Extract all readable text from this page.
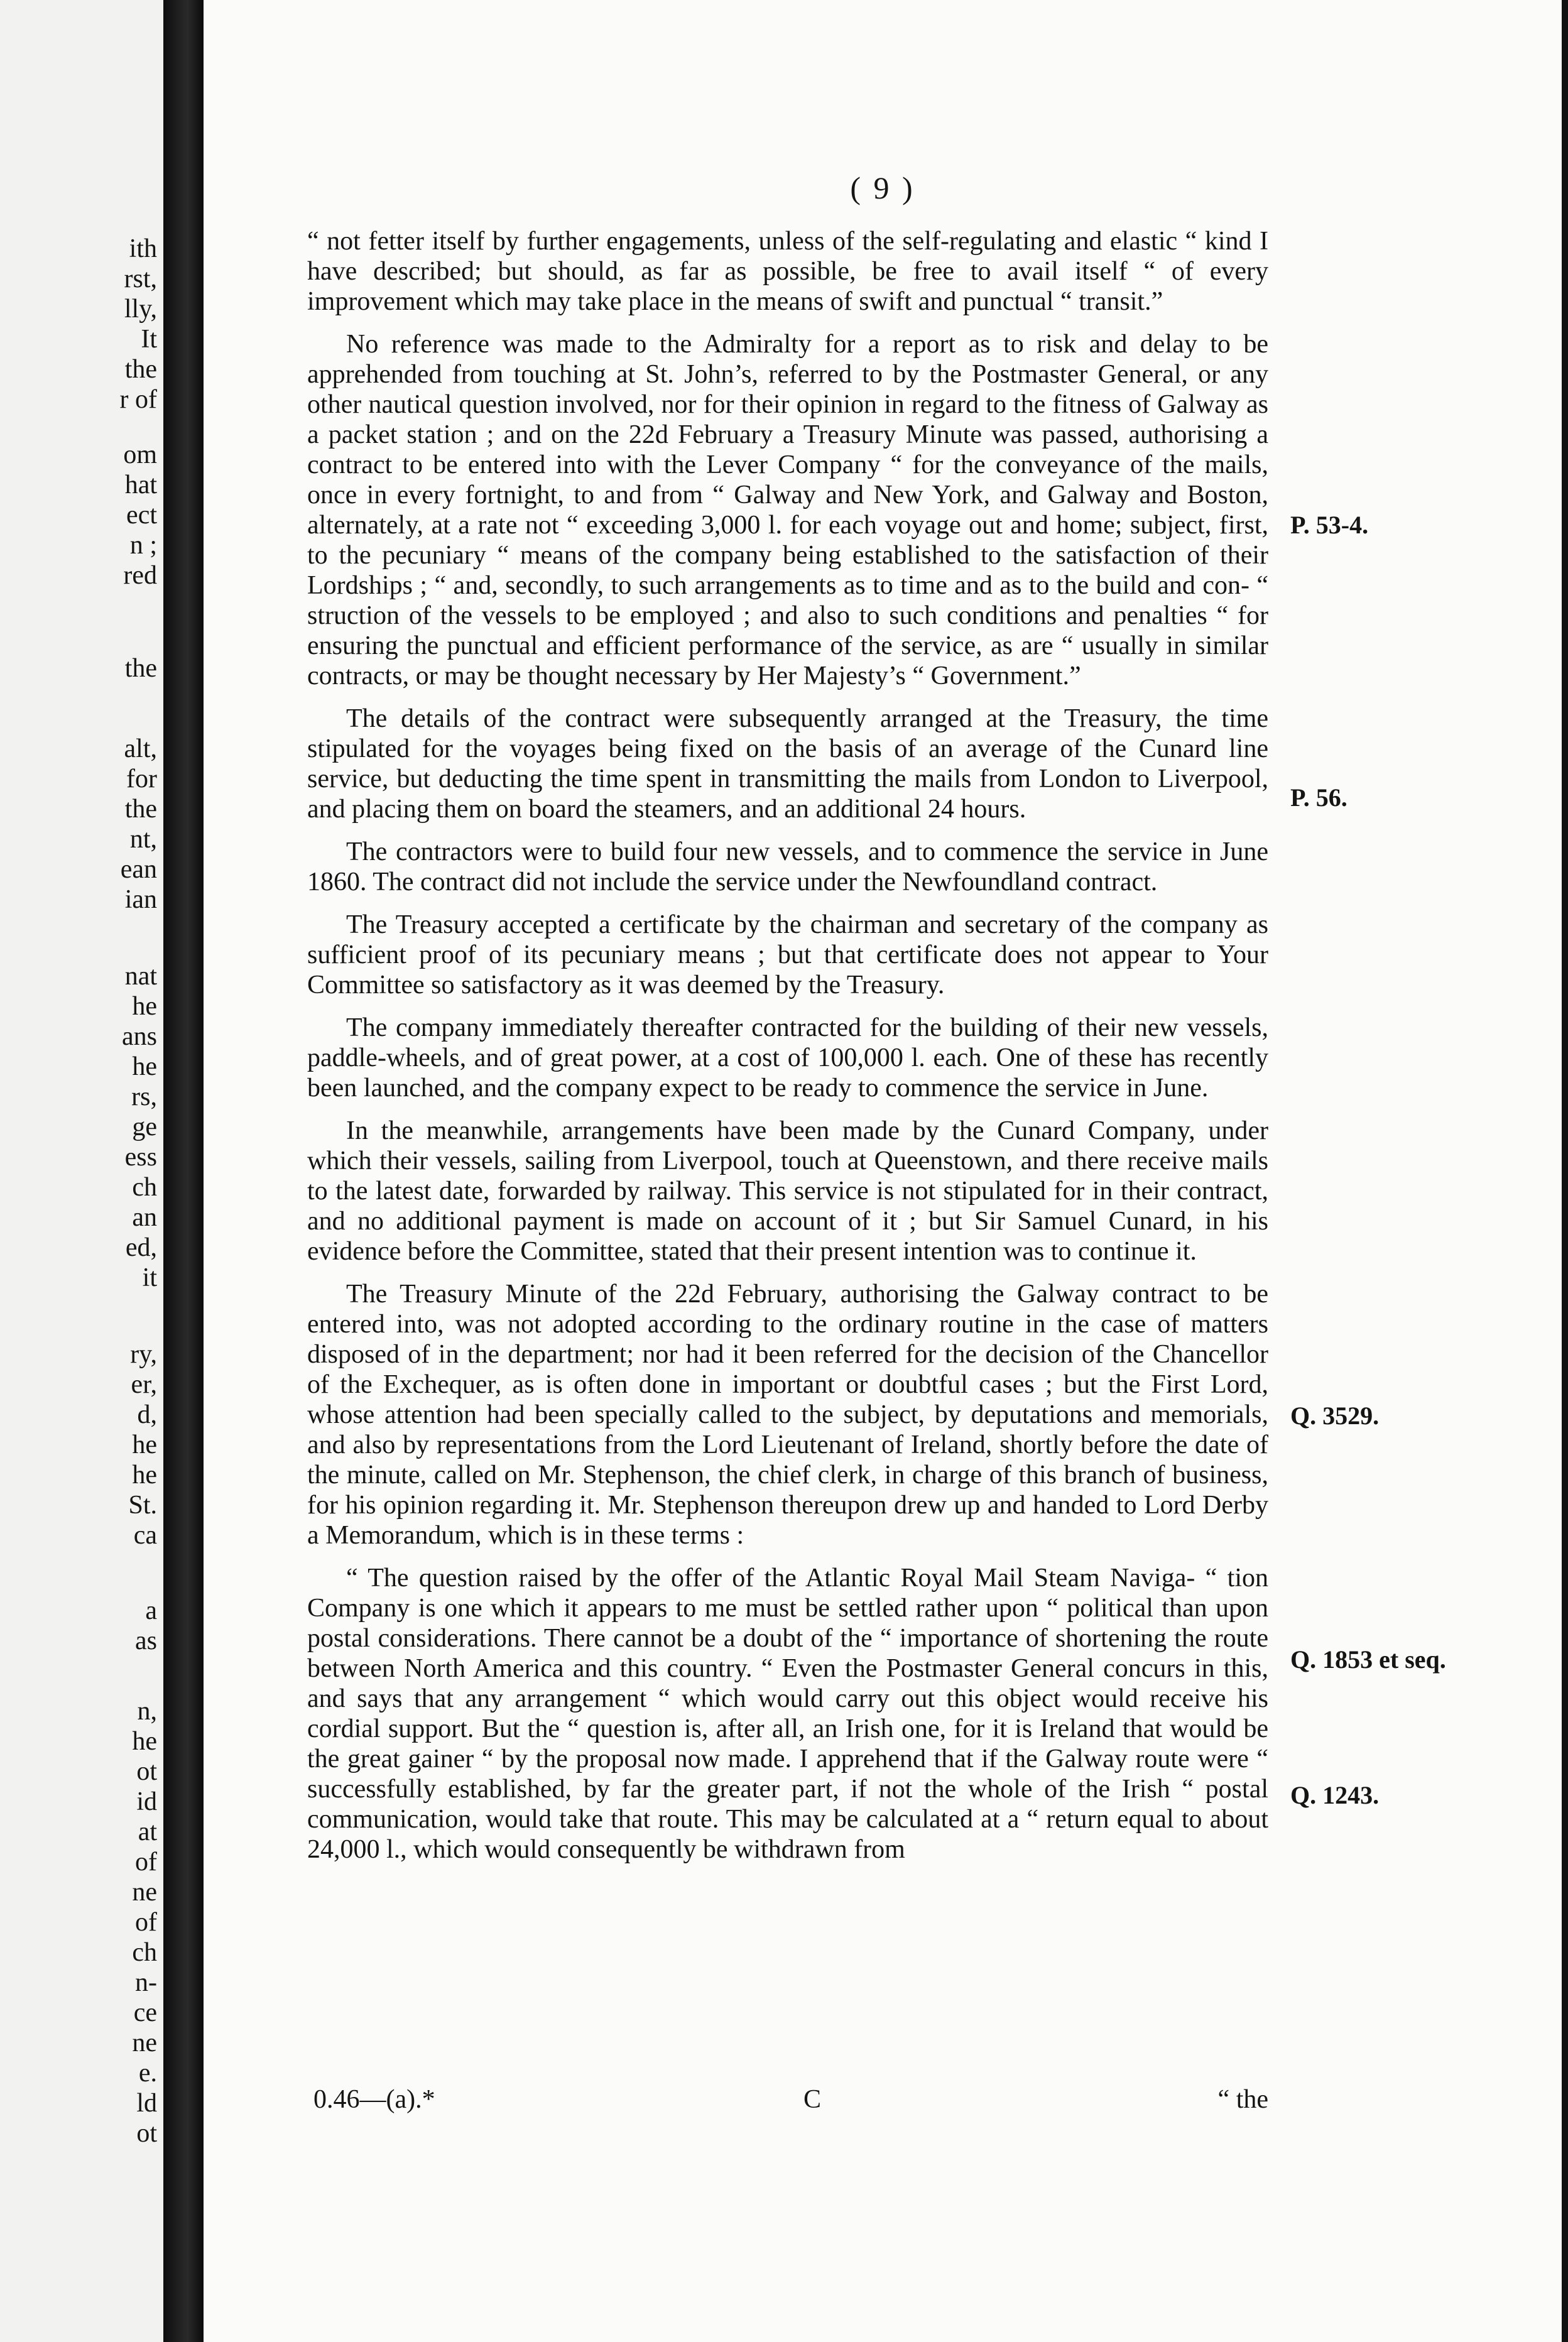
ith
rst,
lly,
It
the
r of
om
hat
ect
n ;
red
the
alt,
for
the
nt,
ean
ian
nat
he
ans
he
rs,
ge
ess
ch
an
ed,
it
ry,
er,
d,
he
he
St.
ca
a
as
n,
he
ot
id
at
of
ne
of
ch
n-
ce
ne
e.
ld
ot
( 9 )

“ not fetter itself by further engagements, unless of the self-regulating and elastic “ kind I have described; but should, as far as possible, be free to avail itself “ of every improvement which may take place in the means of swift and punctual “ transit.”

No reference was made to the Admiralty for a report as to risk and delay to be apprehended from touching at St. John’s, referred to by the Postmaster General, or any other nautical question involved, nor for their opinion in regard to the fitness of Galway as a packet station ; and on the 22d February a Treasury Minute was passed, authorising a contract to be entered into with the Lever Company “ for the conveyance of the mails, once in every fortnight, to and from “ Galway and New York, and Galway and Boston, alternately, at a rate not “ exceeding 3,000 l. for each voyage out and home; subject, first, to the pecuniary “ means of the company being established to the satisfaction of their Lordships ; “ and, secondly, to such arrangements as to time and as to the build and con- “ struction of the vessels to be employed ; and also to such conditions and penalties “ for ensuring the punctual and efficient performance of the service, as are “ usually in similar contracts, or may be thought necessary by Her Majesty’s “ Government.”

The details of the contract were subsequently arranged at the Treasury, the time stipulated for the voyages being fixed on the basis of an average of the Cunard line service, but deducting the time spent in transmitting the mails from London to Liverpool, and placing them on board the steamers, and an additional 24 hours.

The contractors were to build four new vessels, and to commence the service in June 1860. The contract did not include the service under the Newfoundland contract.

The Treasury accepted a certificate by the chairman and secretary of the company as sufficient proof of its pecuniary means ; but that certificate does not appear to Your Committee so satisfactory as it was deemed by the Treasury.

The company immediately thereafter contracted for the building of their new vessels, paddle-wheels, and of great power, at a cost of 100,000 l. each. One of these has recently been launched, and the company expect to be ready to commence the service in June.

In the meanwhile, arrangements have been made by the Cunard Company, under which their vessels, sailing from Liverpool, touch at Queenstown, and there receive mails to the latest date, forwarded by railway. This service is not stipulated for in their contract, and no additional payment is made on account of it ; but Sir Samuel Cunard, in his evidence before the Committee, stated that their present intention was to continue it.

The Treasury Minute of the 22d February, authorising the Galway contract to be entered into, was not adopted according to the ordinary routine in the case of matters disposed of in the department; nor had it been referred for the decision of the Chancellor of the Exchequer, as is often done in important or doubtful cases ; but the First Lord, whose attention had been specially called to the subject, by deputations and memorials, and also by representations from the Lord Lieutenant of Ireland, shortly before the date of the minute, called on Mr. Stephenson, the chief clerk, in charge of this branch of business, for his opinion regarding it. Mr. Stephenson thereupon drew up and handed to Lord Derby a Memorandum, which is in these terms :

“ The question raised by the offer of the Atlantic Royal Mail Steam Naviga- “ tion Company is one which it appears to me must be settled rather upon “ political than upon postal considerations. There cannot be a doubt of the “ importance of shortening the route between North America and this country. “ Even the Postmaster General concurs in this, and says that any arrangement “ which would carry out this object would receive his cordial support. But the “ question is, after all, an Irish one, for it is Ireland that would be the great gainer “ by the proposal now made. I apprehend that if the Galway route were “ successfully established, by far the greater part, if not the whole of the Irish “ postal communication, would take that route. This may be calculated at a “ return equal to about 24,000 l., which would consequently be withdrawn from

P. 53-4.
P. 56.
Q. 3529.
Q. 1853 et seq.
Q. 1243.
0.46—(a).*	C	“ the
